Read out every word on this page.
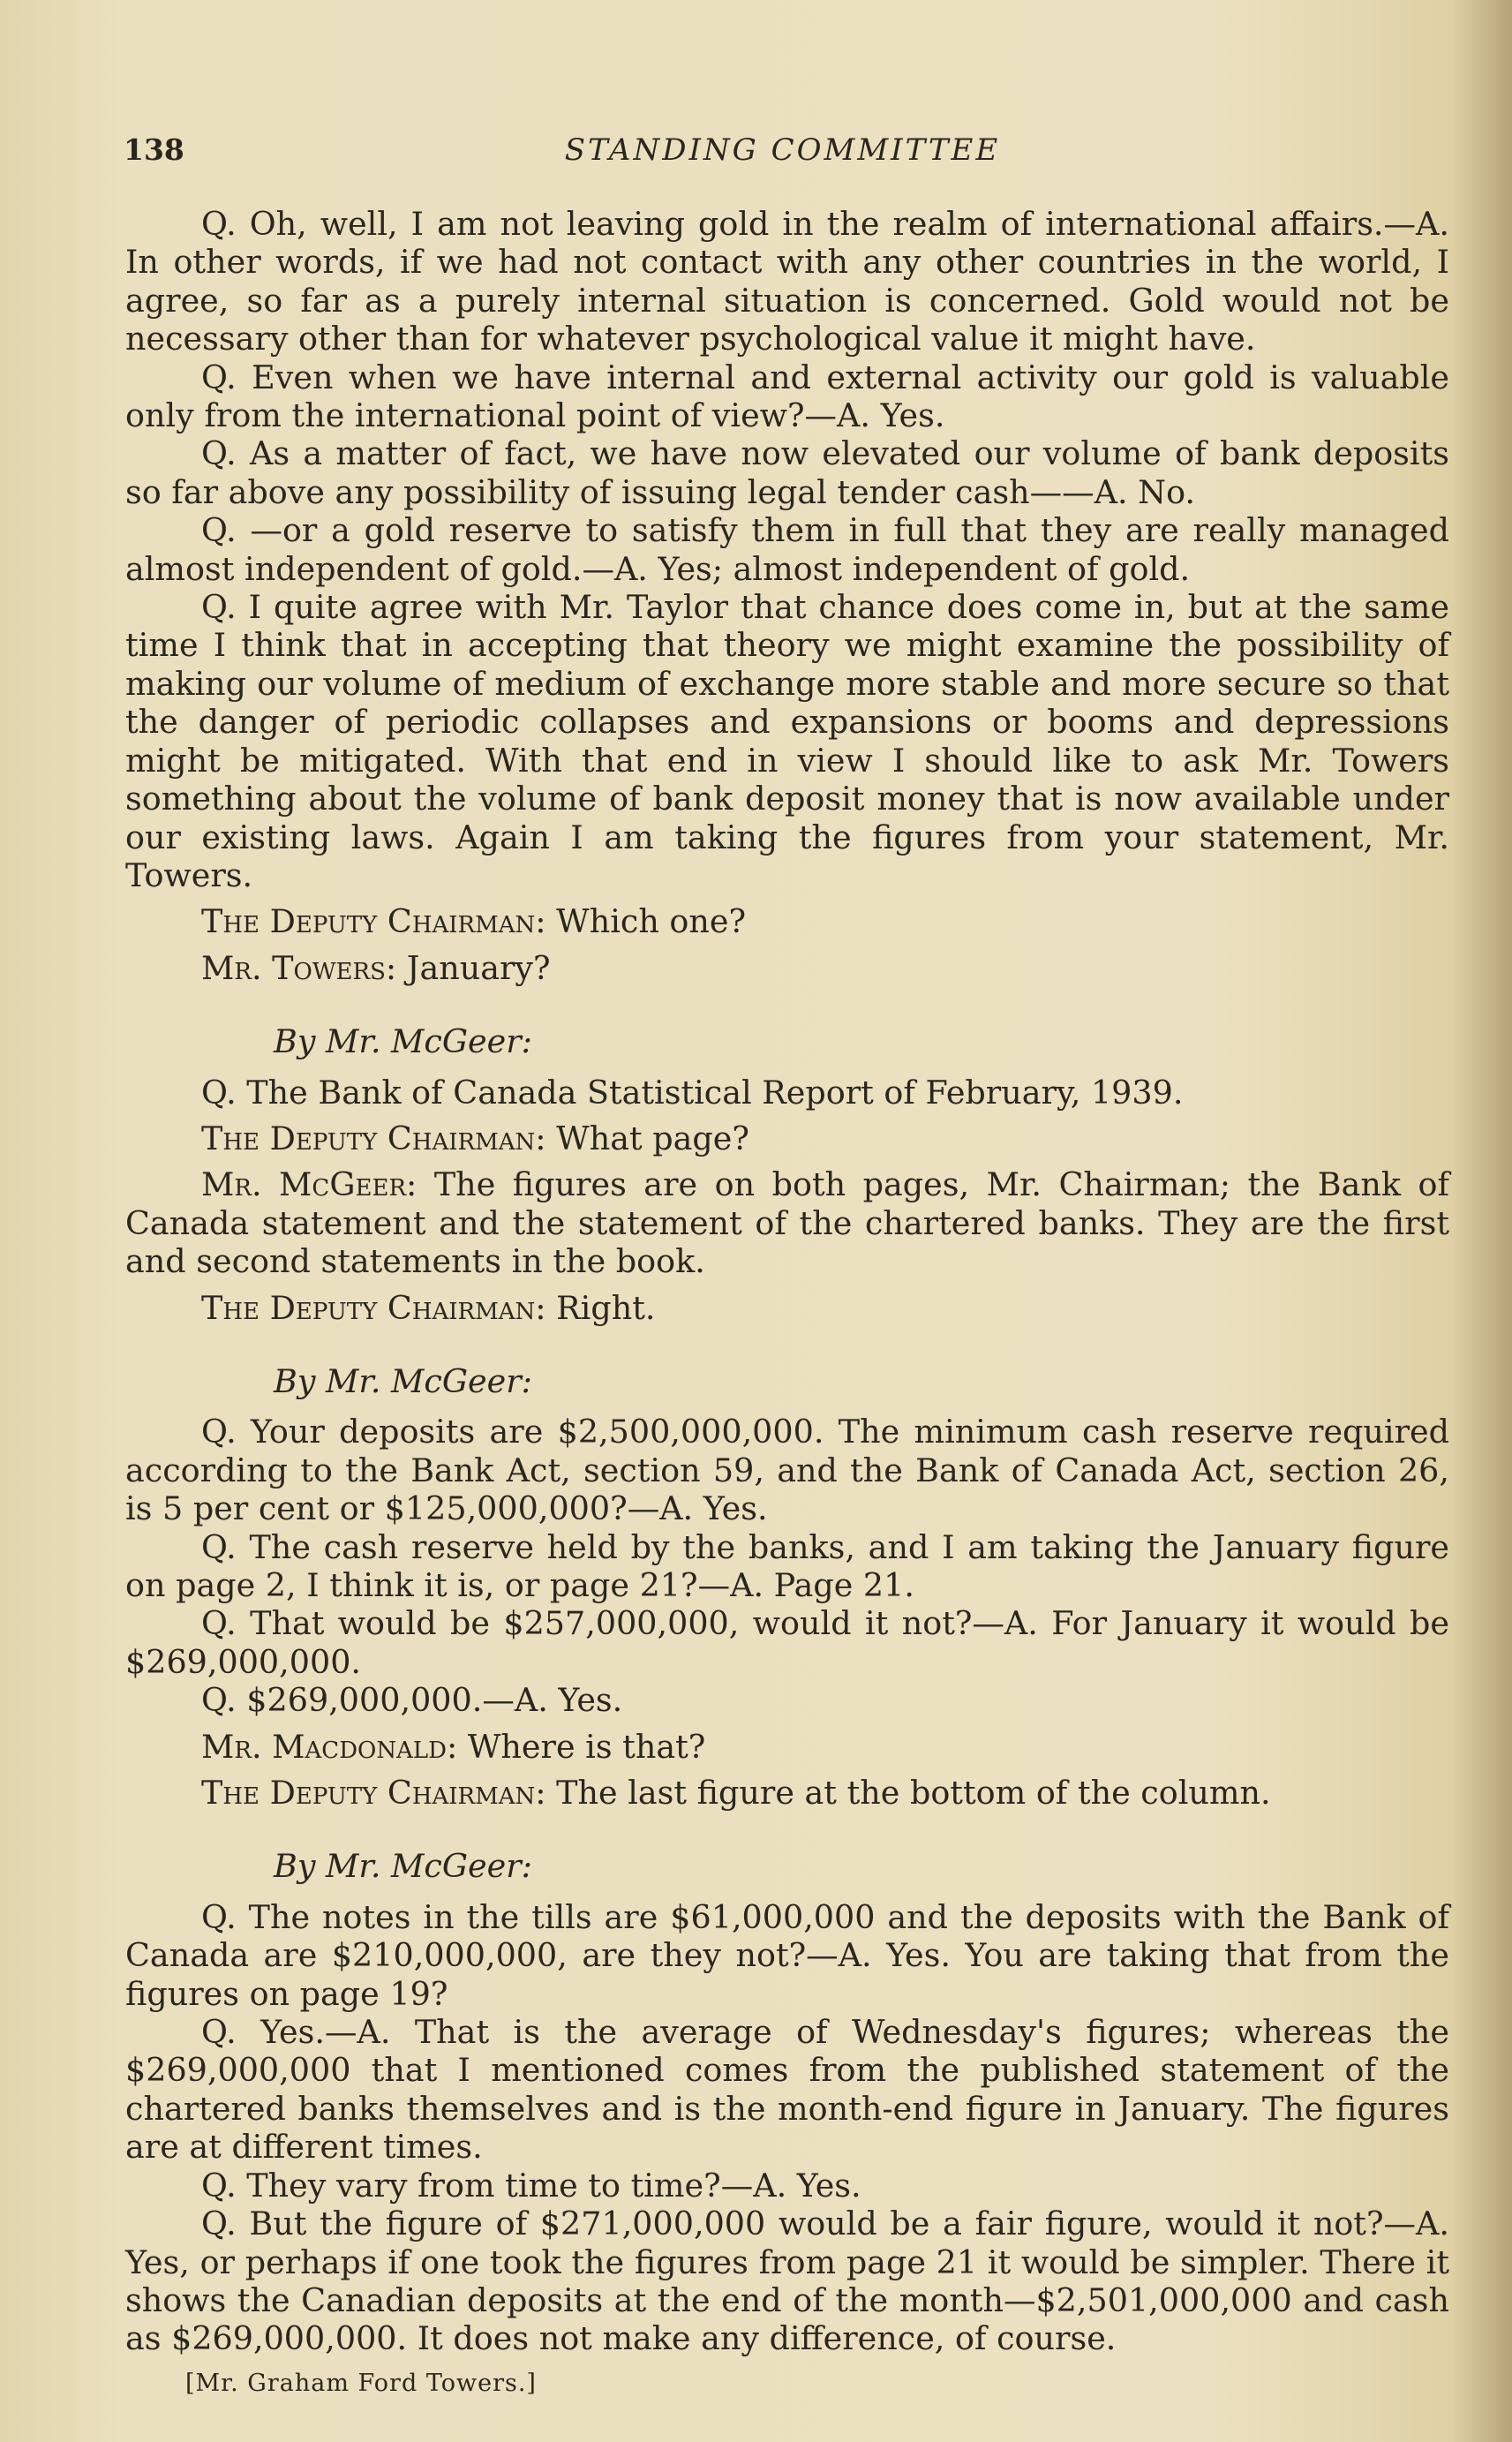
138	STANDING COMMITTEE

Q. Oh, well, I am not leaving gold in the realm of international affairs.—A. In other words, if we had not contact with any other countries in the world, I agree, so far as a purely internal situation is concerned. Gold would not be necessary other than for whatever psychological value it might have.

Q. Even when we have internal and external activity our gold is valuable only from the international point of view?—A. Yes.

Q. As a matter of fact, we have now elevated our volume of bank deposits so far above any possibility of issuing legal tender cash——A. No.

Q. —or a gold reserve to satisfy them in full that they are really managed almost independent of gold.—A. Yes; almost independent of gold.

Q. I quite agree with Mr. Taylor that chance does come in, but at the same time I think that in accepting that theory we might examine the possibility of making our volume of medium of exchange more stable and more secure so that the danger of periodic collapses and expansions or booms and depressions might be mitigated. With that end in view I should like to ask Mr. Towers something about the volume of bank deposit money that is now available under our existing laws. Again I am taking the figures from your statement, Mr. Towers.

The Deputy Chairman: Which one?

Mr. Towers: January?

By Mr. McGeer:

Q. The Bank of Canada Statistical Report of February, 1939.

The Deputy Chairman: What page?

Mr. McGeer: The figures are on both pages, Mr. Chairman; the Bank of Canada statement and the statement of the chartered banks. They are the first and second statements in the book.

The Deputy Chairman: Right.

By Mr. McGeer:

Q. Your deposits are $2,500,000,000. The minimum cash reserve required according to the Bank Act, section 59, and the Bank of Canada Act, section 26, is 5 per cent or $125,000,000?—A. Yes.

Q. The cash reserve held by the banks, and I am taking the January figure on page 2, I think it is, or page 21?—A. Page 21.

Q. That would be $257,000,000, would it not?—A. For January it would be $269,000,000.

Q. $269,000,000.—A. Yes.

Mr. Macdonald: Where is that?

The Deputy Chairman: The last figure at the bottom of the column.

By Mr. McGeer:

Q. The notes in the tills are $61,000,000 and the deposits with the Bank of Canada are $210,000,000, are they not?—A. Yes. You are taking that from the figures on page 19?

Q. Yes.—A. That is the average of Wednesday's figures; whereas the $269,000,000 that I mentioned comes from the published statement of the chartered banks themselves and is the month-end figure in January. The figures are at different times.

Q. They vary from time to time?—A. Yes.

Q. But the figure of $271,000,000 would be a fair figure, would it not?—A. Yes, or perhaps if one took the figures from page 21 it would be simpler. There it shows the Canadian deposits at the end of the month—$2,501,000,000 and cash as $269,000,000. It does not make any difference, of course.

[Mr. Graham Ford Towers.]
